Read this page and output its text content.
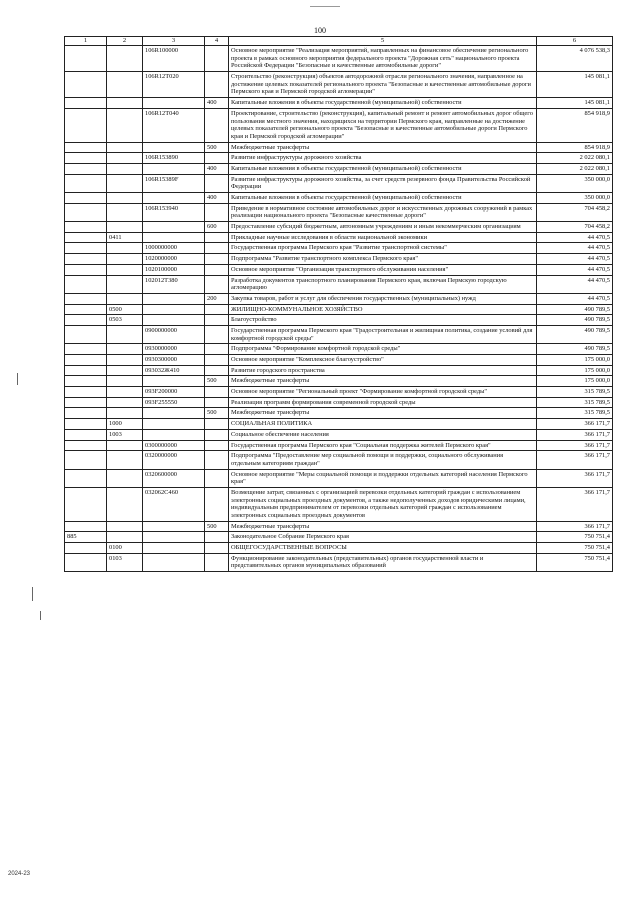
100
1	2	3	4	5	6
		106R100000		Основное мероприятие "Реализация мероприятий, направленных на финансовое обеспечение регионального проекта в рамках основного мероприятия федерального проекта "Дорожная сеть" национального проекта Российской Федерации "Безопасные и качественные автомобильные дороги"	4 076 538,3
		106R12T020		Строительство (реконструкция) объектов автодорожной отрасли регионального значения, направленное на достижение целевых показателей регионального проекта "Безопасные и качественные автомобильные дороги Пермского края и Пермской городской агломерации"	145 081,1
			400	Капитальные вложения в объекты государственной (муниципальной) собственности	145 081,1
		106R12T040		Проектирование, строительство (реконструкция), капитальный ремонт и ремонт автомобильных дорог общего пользования местного значения, находящихся на территории Пермского края, направленные на достижение целевых показателей регионального проекта "Безопасные и качественные автомобильные дороги Пермского края и Пермской городской агломерации"	854 918,9
			500	Межбюджетные трансферты	854 918,9
		106R153890		Развитие инфраструктуры дорожного хозяйства	2 022 080,1
			400	Капитальные вложения в объекты государственной (муниципальной) собственности	2 022 080,1
		106R15389F		Развитие инфраструктуры дорожного хозяйства, за счет средств резервного фонда Правительства Российской Федерации	350 000,0
			400	Капитальные вложения в объекты государственной (муниципальной) собственности	350 000,0
		106R153940		Приведение в нормативное состояние автомобильных дорог и искусственных дорожных сооружений в рамках реализации национального проекта "Безопасные качественные дороги"	704 458,2
			600	Предоставление субсидий бюджетным, автономным учреждениям и иным некоммерческим организациям	704 458,2
	0411			Прикладные научные исследования в области национальной экономики	44 470,5
		1000000000		Государственная программа Пермского края "Развитие транспортной системы"	44 470,5
		1020000000		Подпрограмма "Развитие транспортного комплекса Пермского края"	44 470,5
		1020100000		Основное мероприятие "Организация транспортного обслуживания населения"	44 470,5
		102012T380		Разработка документов транспортного планирования Пермского края, включая Пермскую городскую агломерацию	44 470,5
			200	Закупка товаров, работ и услуг для обеспечения государственных (муниципальных) нужд	44 470,5
	0500			ЖИЛИЩНО-КОММУНАЛЬНОЕ ХОЗЯЙСТВО	490 789,5
	0503			Благоустройство	490 789,5
		0900000000		Государственная программа Пермского края "Градостроительная и жилищная политика, создание условий для комфортной городской среды"	490 789,5
		0930000000		Подпрограмма "Формирование комфортной городской среды"	490 789,5
		0930300000		Основное мероприятие "Комплексное благоустройство"	175 000,0
		093032Ж410		Развитие городского пространства	175 000,0
			500	Межбюджетные трансферты	175 000,0
		093F200000		Основное мероприятие "Региональный проект "Формирование комфортной городской среды"	315 789,5
		093F255550		Реализация программ формирования современной городской среды	315 789,5
			500	Межбюджетные трансферты	315 789,5
	1000			СОЦИАЛЬНАЯ ПОЛИТИКА	366 171,7
	1003			Социальное обеспечение населения	366 171,7
		0300000000		Государственная программа Пермского края "Социальная поддержка жителей Пермского края"	366 171,7
		0320000000		Подпрограмма "Предоставление мер социальной помощи и поддержки, социального обслуживания отдельным категориям граждан"	366 171,7
		0320600000		Основное мероприятие "Меры социальной помощи и поддержки отдельных категорий населения Пермского края"	366 171,7
		032062С460		Возмещение затрат, связанных с организацией перевозки отдельных категорий граждан с использованием электронных социальных проездных документов, а также недополученных доходов юридическими лицами, индивидуальным предпринимателем от перевозки отдельных категорий граждан с использованием электронных социальных проездных документов	366 171,7
			500	Межбюджетные трансферты	366 171,7
885				Законодательное Собрание Пермского края	750 751,4
	0100			ОБЩЕГОСУДАРСТВЕННЫЕ ВОПРОСЫ	750 751,4
	0103			Функционирование законодательных (представительных) органов государственной власти и представительных органов муниципальных образований	750 751,4
2024-23
